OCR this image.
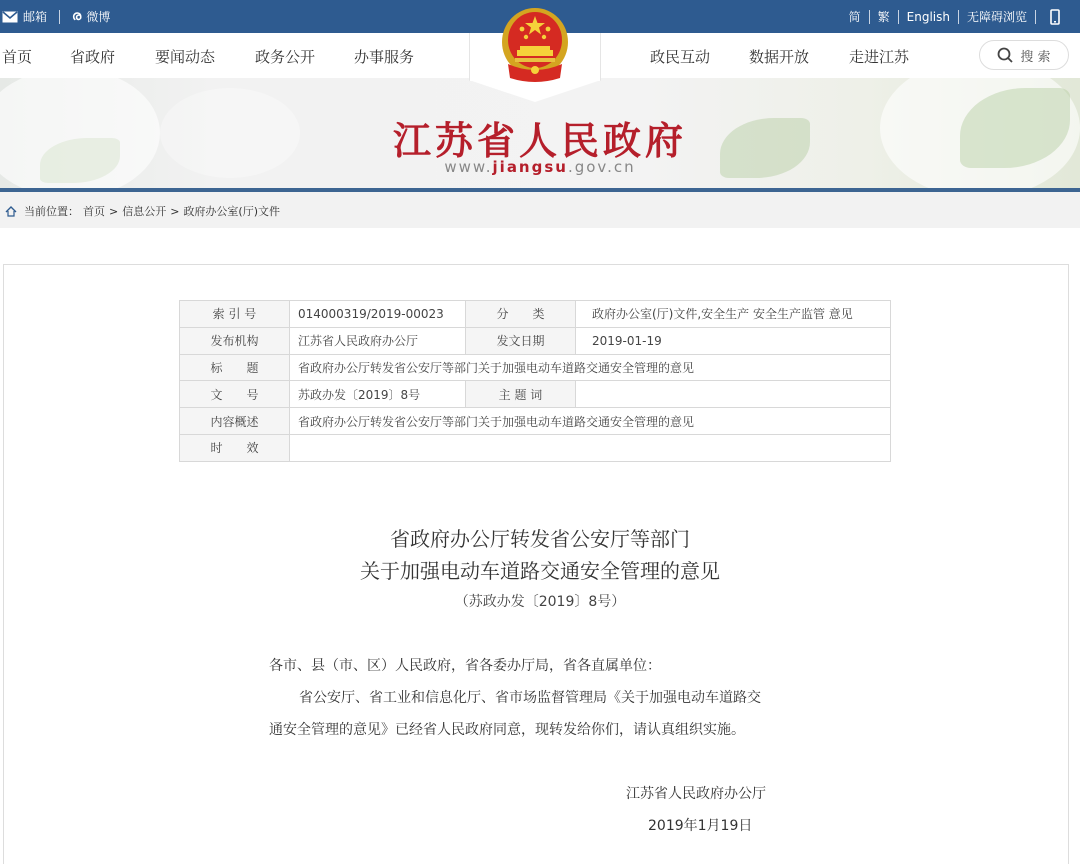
邮箱 ര 微博	简 繁 English 无障碍浏览
首页	省政府	要闻动态	政务公开	办事服务	政民互动	数据开放	走进江苏	搜 索
江苏省人民政府
www.jiangsu.gov.cn
当前位置： 首页 > 信息公开 > 政府办公室(厅)文件
索 引 号	014000319/2019-00023	分　　类	政府办公室(厅)文件,安全生产 安全生产监管 意见
发布机构	江苏省人民政府办公厅	发文日期	2019-01-19
标　　题	省政府办公厅转发省公安厅等部门关于加强电动车道路交通安全管理的意见		
文　　号	苏政办发〔2019〕8号	主 题 词	
内容概述	省政府办公厅转发省公安厅等部门关于加强电动车道路交通安全管理的意见		
时　　效			
省政府办公厅转发省公安厅等部门
关于加强电动车道路交通安全管理的意见
（苏政办发〔2019〕8号）
各市、县（市、区）人民政府，省各委办厅局，省各直属单位：
省公安厅、省工业和信息化厅、省市场监督管理局《关于加强电动车道路交
通安全管理的意见》已经省人民政府同意，现转发给你们，请认真组织实施。
江苏省人民政府办公厅
2019年1月19日
